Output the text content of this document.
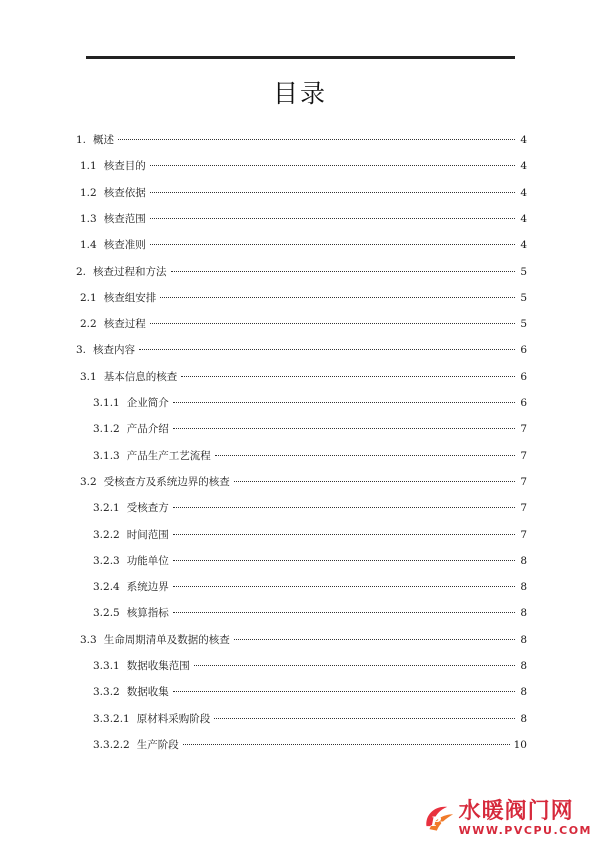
目录
1. 概述	4
1.1 核查目的	4
1.2 核查依据	4
1.3 核查范围	4
1.4 核查准则	4
2. 核查过程和方法	5
2.1 核查组安排	5
2.2 核查过程	5
3. 核查内容	6
3.1 基本信息的核查	6
3.1.1 企业简介	6
3.1.2 产品介绍	7
3.1.3 产品生产工艺流程	7
3.2 受核查方及系统边界的核查	7
3.2.1 受核查方	7
3.2.2 时间范围	7
3.2.3 功能单位	8
3.2.4 系统边界	8
3.2.5 核算指标	8
3.3 生命周期清单及数据的核查	8
3.3.1 数据收集范围	8
3.3.2 数据收集	8
3.3.2.1 原材料采购阶段	8
3.3.2.2 生产阶段	10
P
V
水暖阀门网
WWW.PVCPU.COM
